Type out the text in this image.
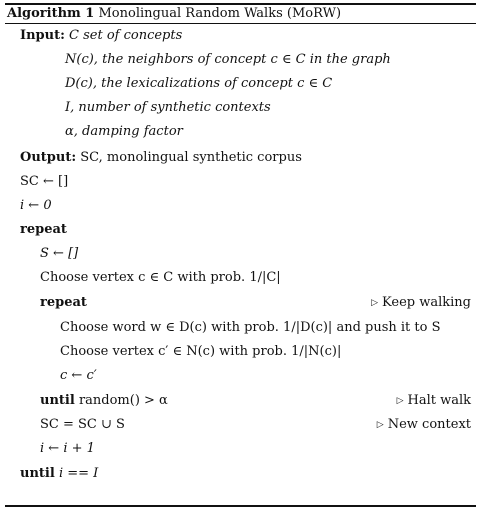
Algorithm 1 Monolingual Random Walks (MoRW)
Input: C set of concepts
N(c), the neighbors of concept c ∈ C in the graph
D(c), the lexicalizations of concept c ∈ C
I, number of synthetic contexts
α, damping factor
Output: SC, monolingual synthetic corpus
SC ← []
i ← 0
repeat
S ← []
Choose vertex c ∈ C with prob. 1/|C|
repeat	▷ Keep walking
Choose word w ∈ D(c) with prob. 1/|D(c)| and push it to S
Choose vertex c′ ∈ N(c) with prob. 1/|N(c)|
c ← c′
until random() > α	▷ Halt walk
SC = SC ∪ S	▷ New context
i ← i + 1
until i == I
